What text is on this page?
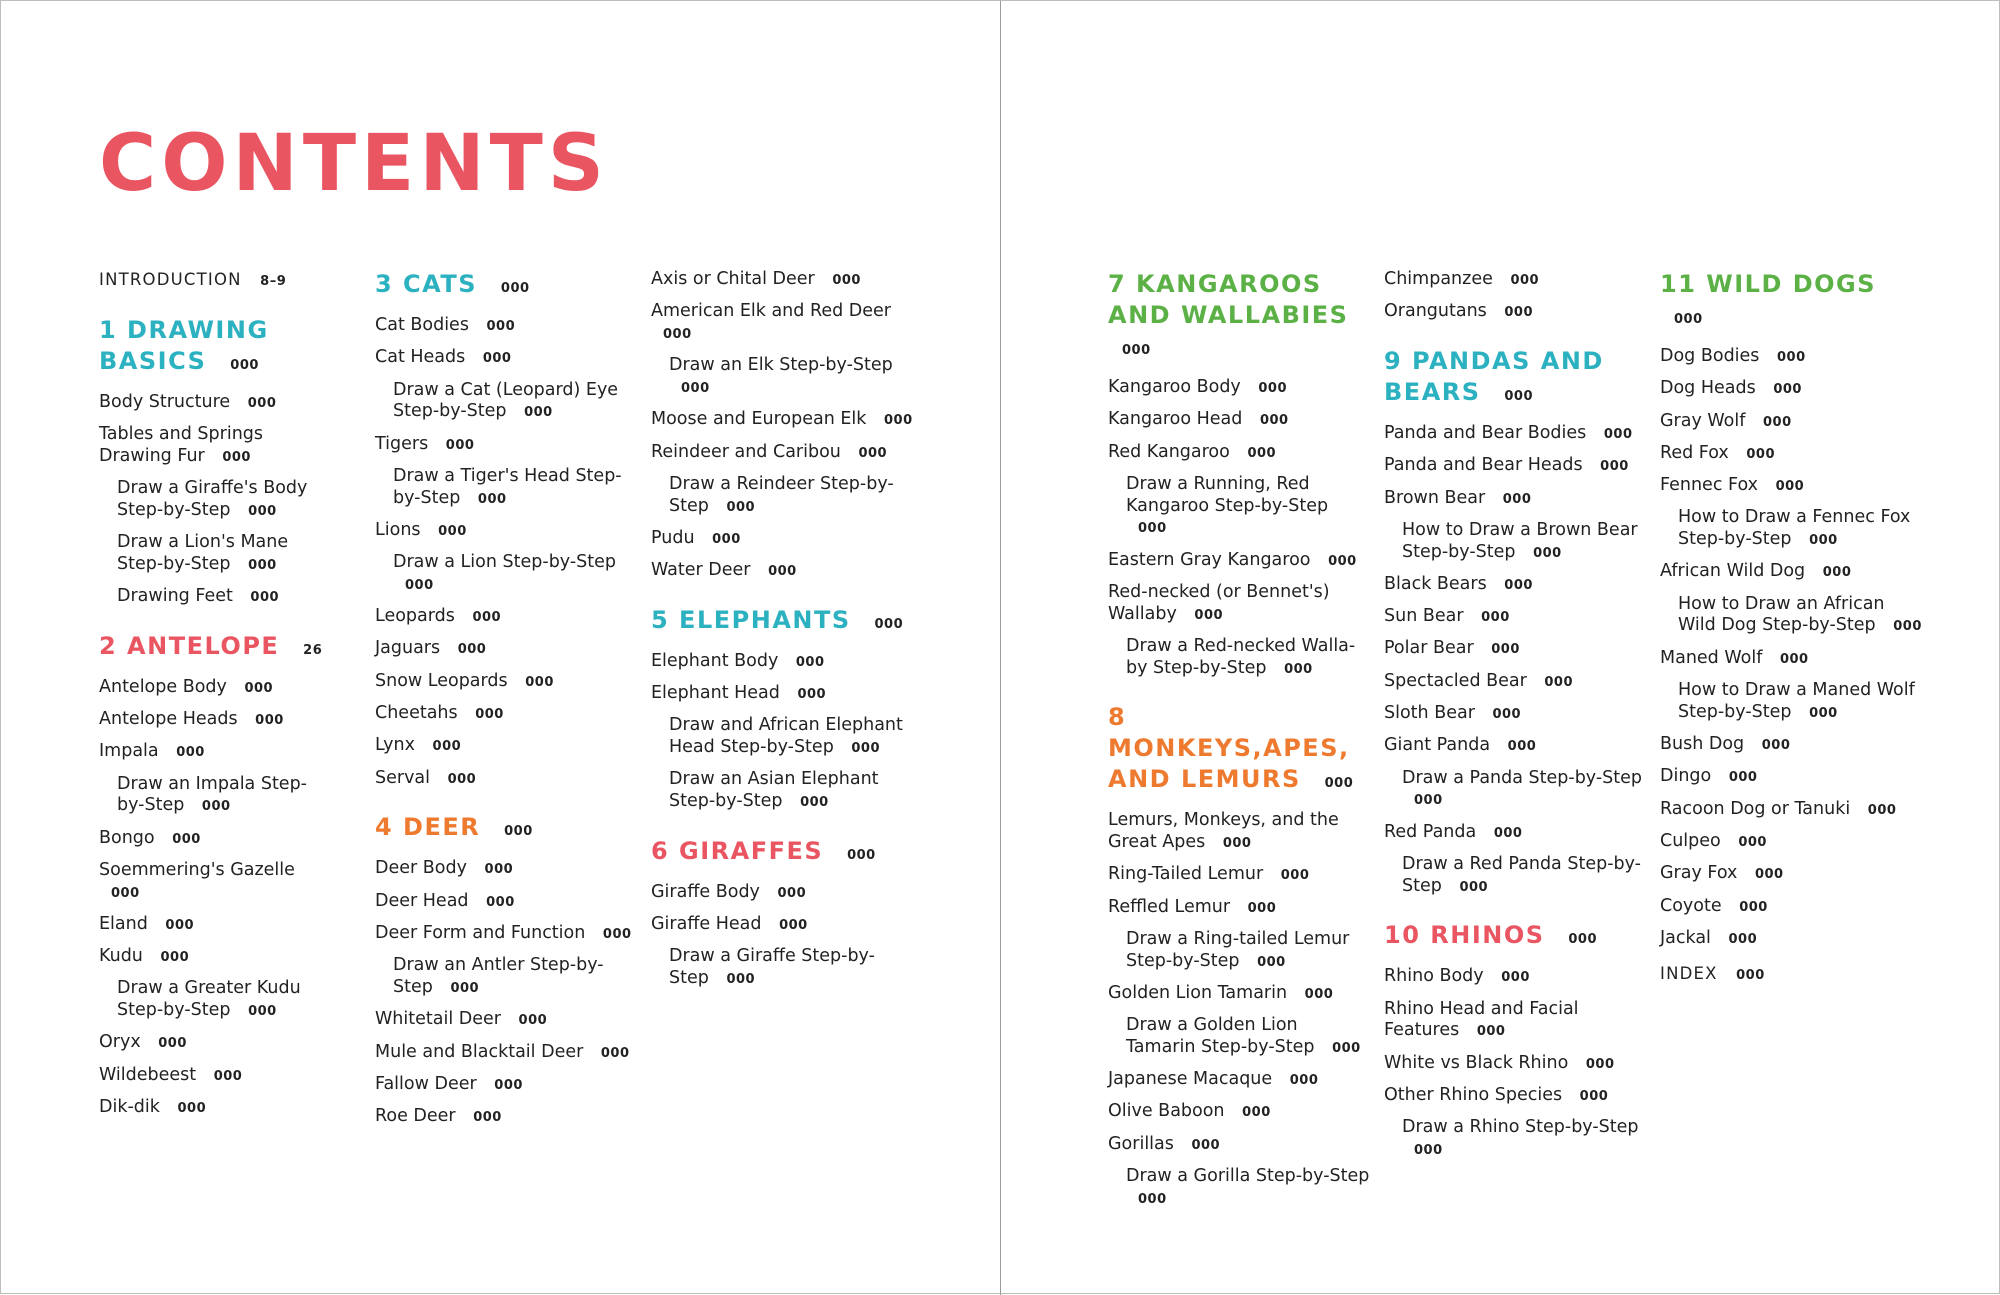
CONTENTS
INTRODUCTION 8–9
1 DRAWING BASICS 000
Body Structure 000
Tables and Springs Drawing Fur 000
Draw a Giraffe's Body Step-by-Step 000
Draw a Lion's Mane Step-by-Step 000
Drawing Feet 000
2 ANTELOPE 26
Antelope Body 000
Antelope Heads 000
Impala 000
Draw an Impala Step-by-Step 000
Bongo 000
Soemmering's Gazelle 000
Eland 000
Kudu 000
Draw a Greater Kudu Step-by-Step 000
Oryx 000
Wildebeest 000
Dik-dik 000
3 CATS 000
Cat Bodies 000
Cat Heads 000
Draw a Cat (Leopard) Eye Step-by-Step 000
Tigers 000
Draw a Tiger's Head Step-by-Step 000
Lions 000
Draw a Lion Step-by-Step 000
Leopards 000
Jaguars 000
Snow Leopards 000
Cheetahs 000
Lynx 000
Serval 000
4 DEER 000
Deer Body 000
Deer Head 000
Deer Form and Function 000
Draw an Antler Step-by-Step 000
Whitetail Deer 000
Mule and Blacktail Deer 000
Fallow Deer 000
Roe Deer 000
Axis or Chital Deer 000
American Elk and Red Deer 000
Draw an Elk Step-by-Step 000
Moose and European Elk 000
Reindeer and Caribou 000
Draw a Reindeer Step-by-Step 000
Pudu 000
Water Deer 000
5 ELEPHANTS 000
Elephant Body 000
Elephant Head 000
Draw and African Elephant Head Step-by-Step 000
Draw an Asian Elephant Step-by-Step 000
6 GIRAFFES 000
Giraffe Body 000
Giraffe Head 000
Draw a Giraffe Step-by-Step 000
7 KANGAROOS AND WALLABIES 000
Kangaroo Body 000
Kangaroo Head 000
Red Kangaroo 000
Draw a Running, Red Kangaroo Step-by-Step 000
Eastern Gray Kangaroo 000
Red-necked (or Bennet's) Wallaby 000
Draw a Red-necked Walla-by Step-by-Step 000
8 MONKEYS,APES, AND LEMURS 000
Lemurs, Monkeys, and the Great Apes 000
Ring-Tailed Lemur 000
Reffled Lemur 000
Draw a Ring-tailed Lemur Step-by-Step 000
Golden Lion Tamarin 000
Draw a Golden Lion Tamarin Step-by-Step 000
Japanese Macaque 000
Olive Baboon 000
Gorillas 000
Draw a Gorilla Step-by-Step 000
Chimpanzee 000
Orangutans 000
9 PANDAS AND BEARS 000
Panda and Bear Bodies 000
Panda and Bear Heads 000
Brown Bear 000
How to Draw a Brown Bear Step-by-Step 000
Black Bears 000
Sun Bear 000
Polar Bear 000
Spectacled Bear 000
Sloth Bear 000
Giant Panda 000
Draw a Panda Step-by-Step 000
Red Panda 000
Draw a Red Panda Step-by-Step 000
10 RHINOS 000
Rhino Body 000
Rhino Head and Facial Features 000
White vs Black Rhino 000
Other Rhino Species 000
Draw a Rhino Step-by-Step 000
11 WILD DOGS 000
Dog Bodies 000
Dog Heads 000
Gray Wolf 000
Red Fox 000
Fennec Fox 000
How to Draw a Fennec Fox Step-by-Step 000
African Wild Dog 000
How to Draw an African Wild Dog Step-by-Step 000
Maned Wolf 000
How to Draw a Maned Wolf Step-by-Step 000
Bush Dog 000
Dingo 000
Racoon Dog or Tanuki 000
Culpeo 000
Gray Fox 000
Coyote 000
Jackal 000
INDEX 000
